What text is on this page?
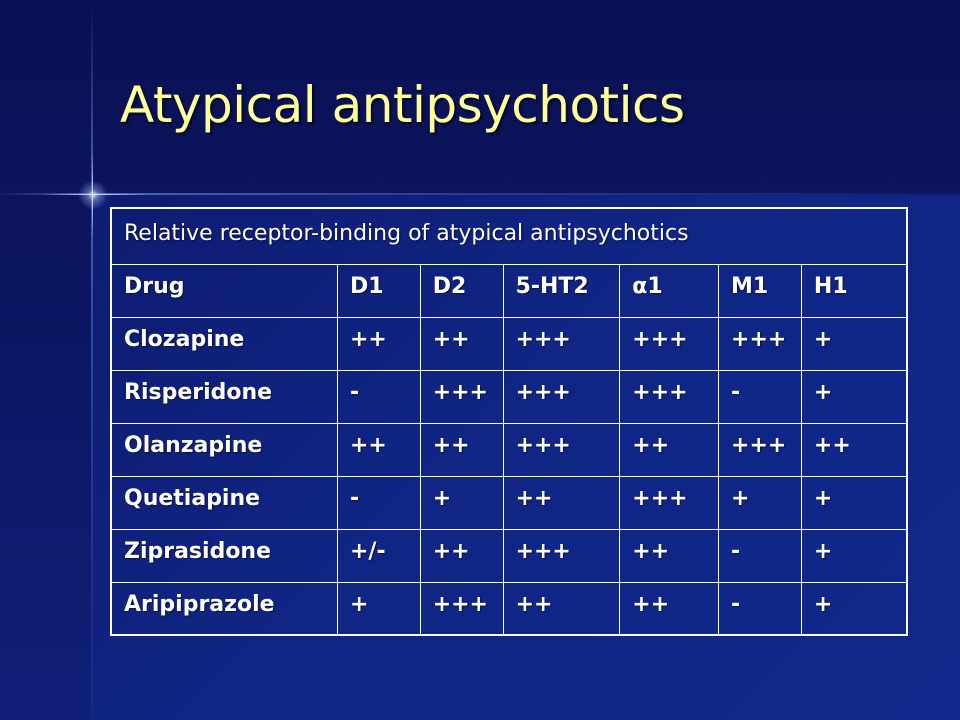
Atypical antipsychotics
Relative receptor-binding of atypical antipsychotics						
Drug	D1	D2	5-HT2	α1	M1	H1
Clozapine	++	++	+++	+++	+++	+
Risperidone	-	+++	+++	+++	-	+
Olanzapine	++	++	+++	++	+++	++
Quetiapine	-	+	++	+++	+	+
Ziprasidone	+/-	++	+++	++	-	+
Aripiprazole	+	+++	++	++	-	+
